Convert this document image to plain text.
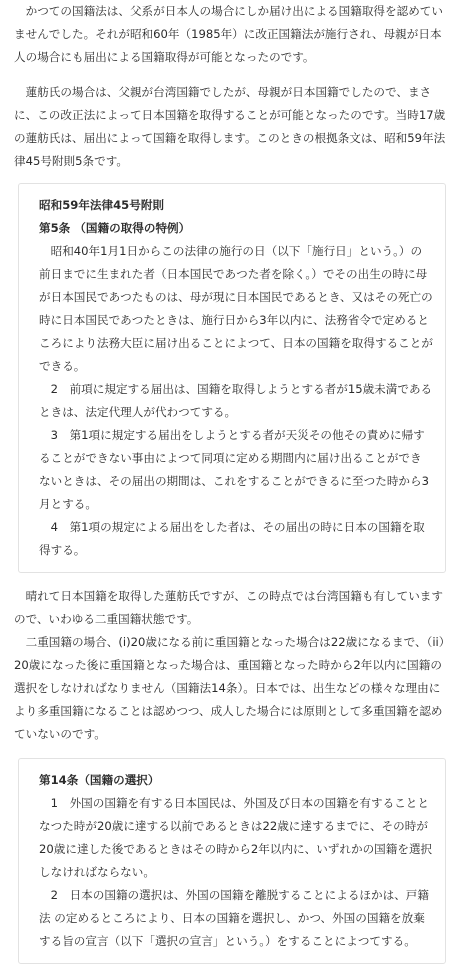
かつての国籍法は、父系が日本人の場合にしか届け出による国籍取得を認めていませんでした。それが昭和60年（1985年）に改正国籍法が施行され、母親が日本人の場合にも届出による国籍取得が可能となったのです。

蓮舫氏の場合は、父親が台湾国籍でしたが、母親が日本国籍でしたので、まさに、この改正法によって日本国籍を取得することが可能となったのです。当時17歳の蓮舫氏は、届出によって国籍を取得します。このときの根拠条文は、昭和59年法律45号附則5条です。

昭和59年法律45号附則

第5条 （国籍の取得の特例）

昭和40年1月1日からこの法律の施行の日（以下「施行日」という。）の前日までに生まれた者（日本国民であつた者を除く。）でその出生の時に母が日本国民であつたものは、母が現に日本国民であるとき、又はその死亡の時に日本国民であつたときは、施行日から3年以内に、法務省令で定めるところにより法務大臣に届け出ることによつて、日本の国籍を取得することができる。

2　前項に規定する届出は、国籍を取得しようとする者が15歳未満であるときは、法定代理人が代わつてする。

3　第1項に規定する届出をしようとする者が天災その他その責めに帰することができない事由によつて同項に定める期間内に届け出ることができないときは、その届出の期間は、これをすることができるに至つた時から3月とする。

4　第1項の規定による届出をした者は、その届出の時に日本の国籍を取得する。

晴れて日本国籍を取得した蓮舫氏ですが、この時点では台湾国籍も有していますので、いわゆる二重国籍状態です。

二重国籍の場合、(i)20歳になる前に重国籍となった場合は22歳になるまで、（ii）20歳になった後に重国籍となった場合は、重国籍となった時から2年以内に国籍の選択をしなければなりません（国籍法14条）。日本では、出生などの様々な理由により多重国籍になることは認めつつ、成人した場合には原則として多重国籍を認めていないのです。

第14条（国籍の選択）

1　外国の国籍を有する日本国民は、外国及び日本の国籍を有することとなつた時が20歳に達する以前であるときは22歳に達するまでに、その時が20歳に達した後であるときはその時から2年以内に、いずれかの国籍を選択しなければならない。

2　日本の国籍の選択は、外国の国籍を離脱することによるほかは、戸籍法 の定めるところにより、日本の国籍を選択し、かつ、外国の国籍を放棄する旨の宣言（以下「選択の宣言」という。）をすることによつてする。
